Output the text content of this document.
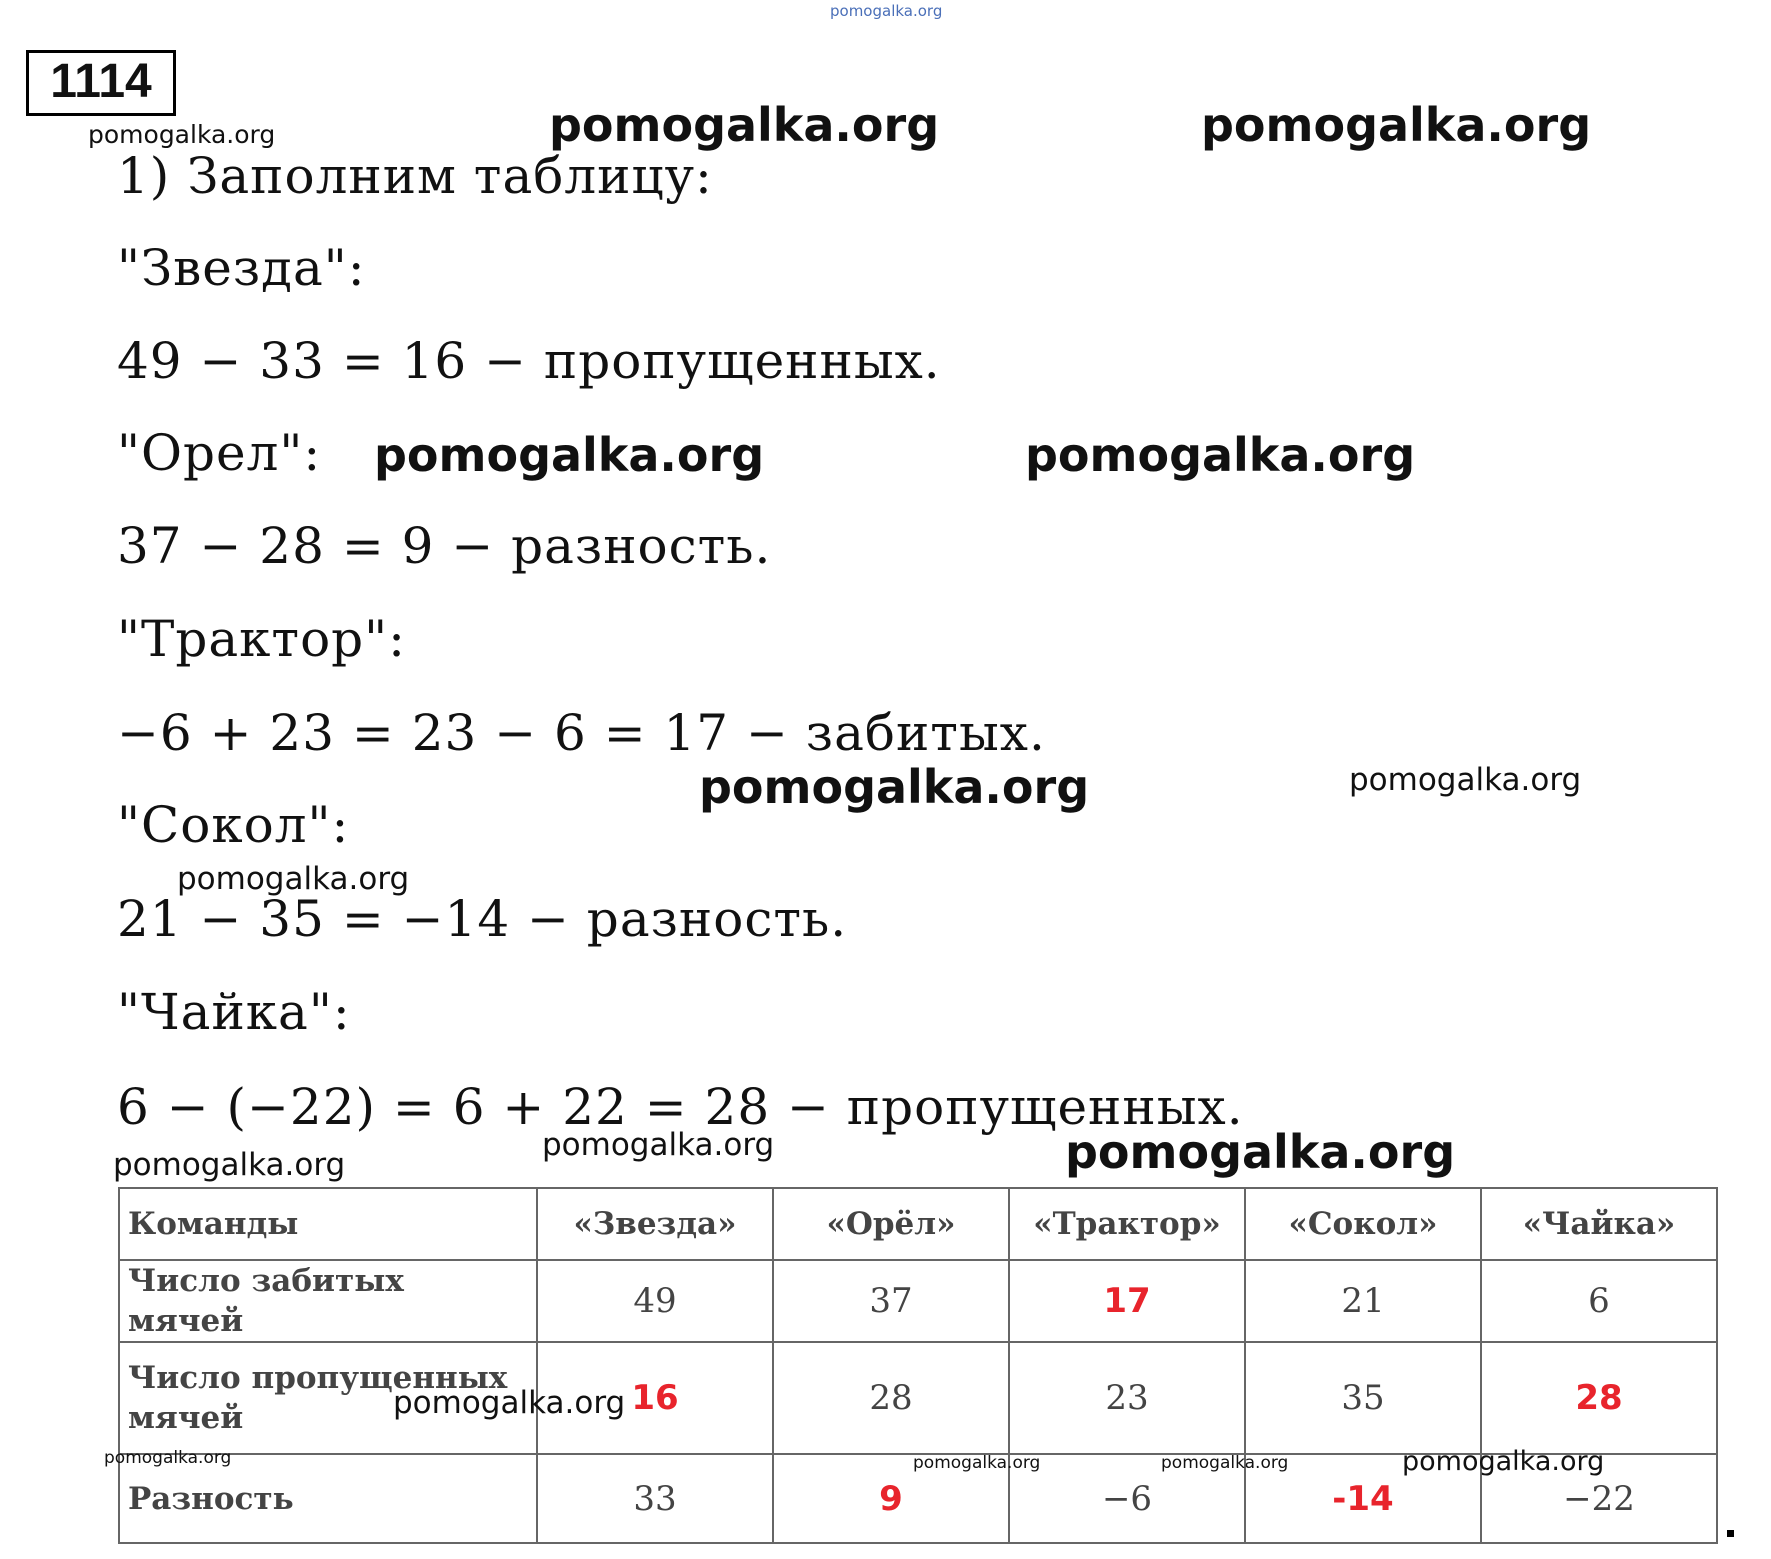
pomogalka.org
1114
1) Заполним таблицу:
"Звезда":
49 − 33 = 16 − пропущенных.
"Орел":
37 − 28 = 9 − разность.
"Трактор":
−6 + 23 = 23 − 6 = 17 − забитых.
"Сокол":
21 − 35 = −14 − разность.
"Чайка":
6 − (−22) = 6 + 22 = 28 − пропущенных.
pomogalka.org	pomogalka.org	pomogalka.org
pomogalka.org	pomogalka.org
pomogalka.org	pomogalka.org
pomogalka.org
pomogalka.org
pomogalka.org	pomogalka.org
Команды	«Звезда»	«Орёл»	«Трактор»	«Сокол»	«Чайка»
Число забитых мячей	49	37	17	21	6
Число пропущенных мячей	16	28	23	35	28
Разность	33	9	−6	-14	−22
pomogalka.org
pomogalka.org	pomogalka.org	pomogalka.org	pomogalka.org
